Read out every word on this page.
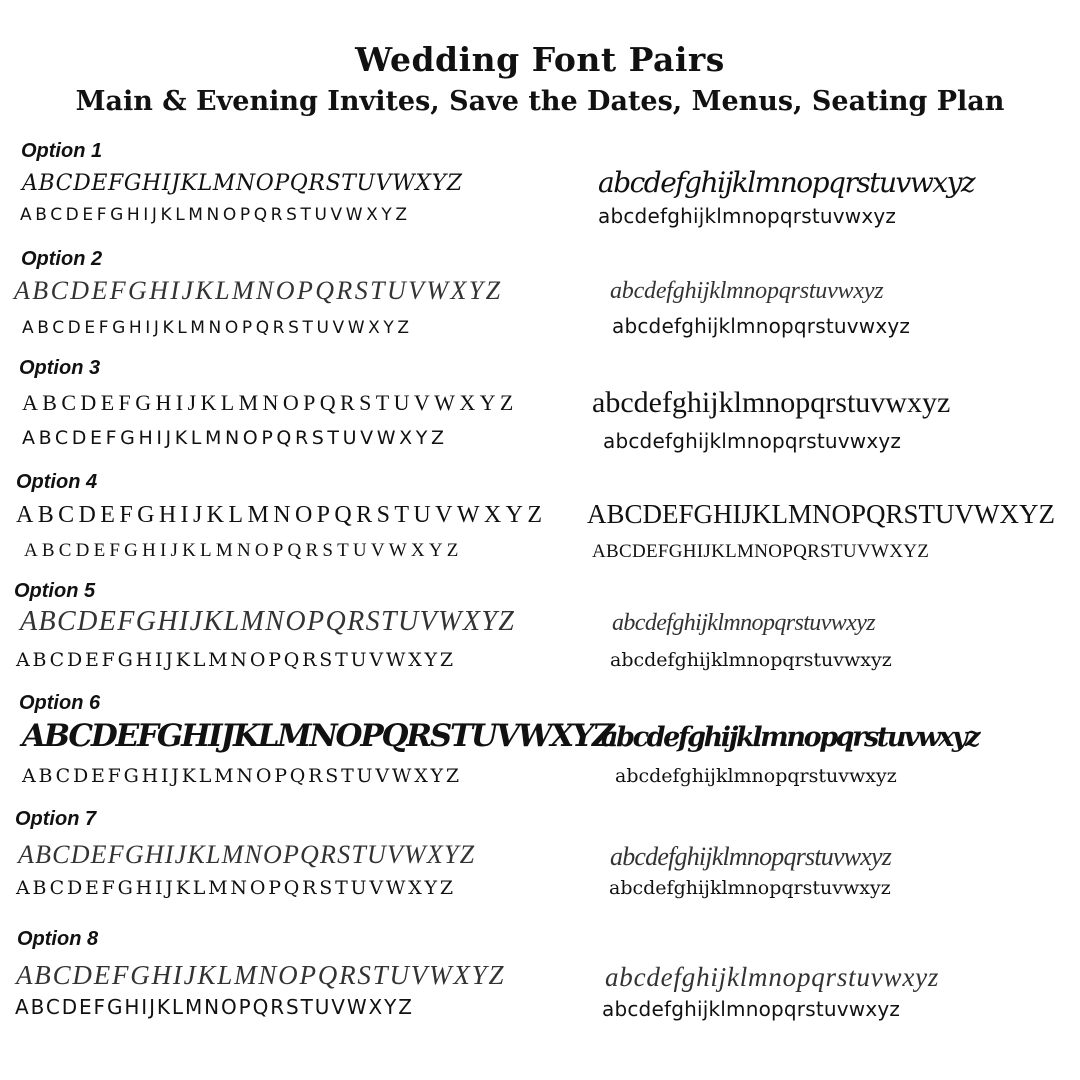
Wedding Font Pairs
Main & Evening Invites, Save the Dates, Menus, Seating Plan
Option 1
ABCDEFGHIJKLMNOPQRSTUVWXYZ
ABCDEFGHIJKLMNOPQRSTUVWXYZ
abcdefghijklmnopqrstuvwxyz
abcdefghijklmnopqrstuvwxyz
Option 2
ABCDEFGHIJKLMNOPQRSTUVWXYZ
ABCDEFGHIJKLMNOPQRSTUVWXYZ
abcdefghijklmnopqrstuvwxyz
abcdefghijklmnopqrstuvwxyz
Option 3
ABCDEFGHIJKLMNOPQRSTUVWXYZ
ABCDEFGHIJKLMNOPQRSTUVWXYZ
abcdefghijklmnopqrstuvwxyz
abcdefghijklmnopqrstuvwxyz
Option 4
ABCDEFGHIJKLMNOPQRSTUVWXYZ
ABCDEFGHIJKLMNOPQRSTUVWXYZ
ABCDEFGHIJKLMNOPQRSTUVWXYZ
ABCDEFGHIJKLMNOPQRSTUVWXYZ
Option 5
ABCDEFGHIJKLMNOPQRSTUVWXYZ
ABCDEFGHIJKLMNOPQRSTUVWXYZ
abcdefghijklmnopqrstuvwxyz
abcdefghijklmnopqrstuvwxyz
Option 6
ABCDEFGHIJKLMNOPQRSTUVWXYZ
ABCDEFGHIJKLMNOPQRSTUVWXYZ
abcdefghijklmnopqrstuvwxyz
abcdefghijklmnopqrstuvwxyz
Option 7
ABCDEFGHIJKLMNOPQRSTUVWXYZ
ABCDEFGHIJKLMNOPQRSTUVWXYZ
abcdefghijklmnopqrstuvwxyz
abcdefghijklmnopqrstuvwxyz
Option 8
ABCDEFGHIJKLMNOPQRSTUVWXYZ
ABCDEFGHIJKLMNOPQRSTUVWXYZ
abcdefghijklmnopqrstuvwxyz
abcdefghijklmnopqrstuvwxyz
